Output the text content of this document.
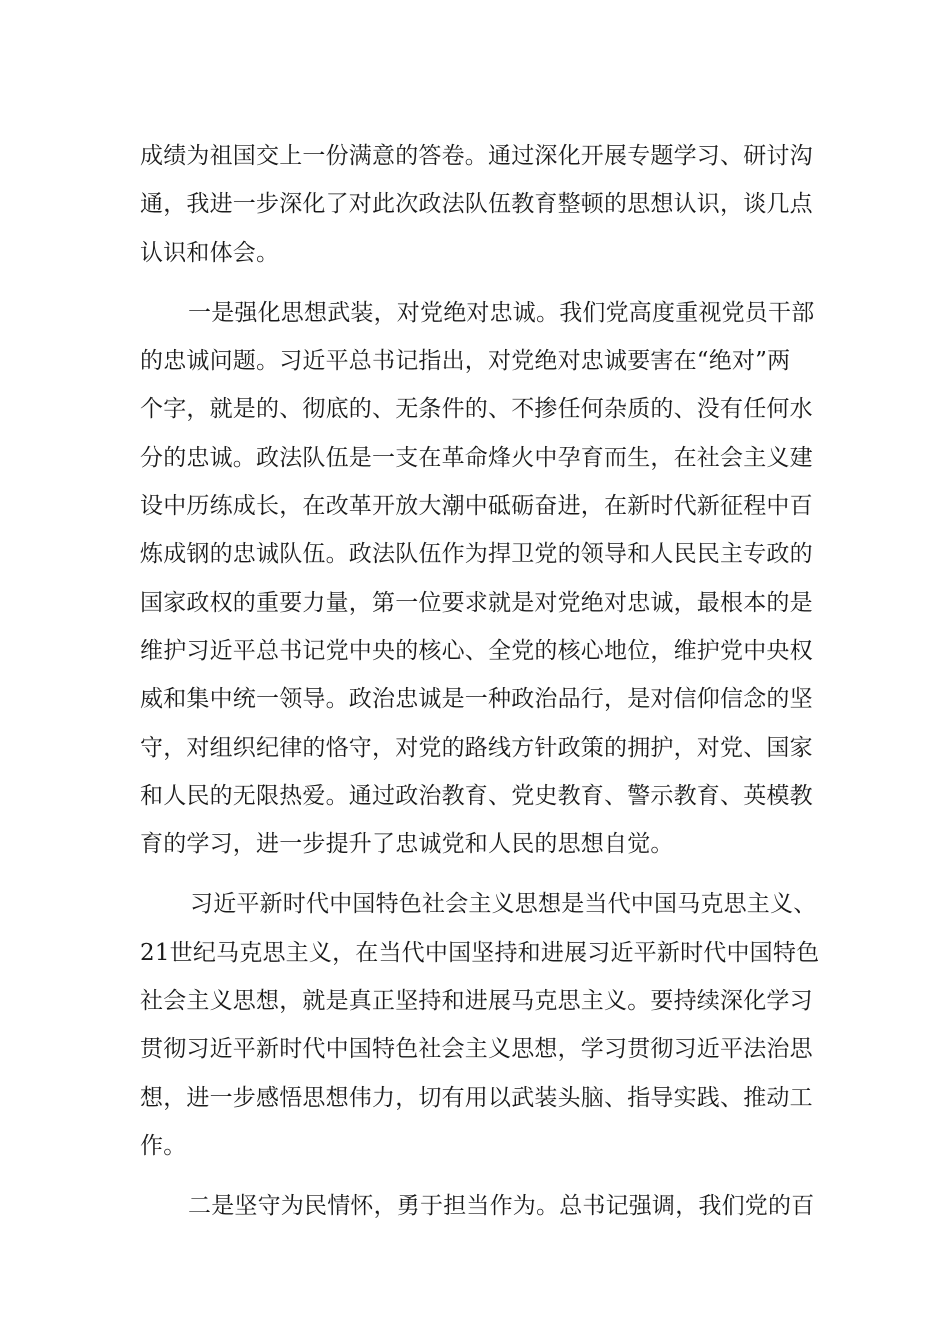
成绩为祖国交上一份满意的答卷。通过深化开展专题学习、研讨沟
通，我进一步深化了对此次政法队伍教育整顿的思想认识，谈几点
认识和体会。

一是强化思想武装，对党绝对忠诚。我们党高度重视党员干部
的忠诚问题。习近平总书记指出，对党绝对忠诚要害在“绝对”两
个字，就是的、彻底的、无条件的、不掺任何杂质的、没有任何水
分的忠诚。政法队伍是一支在革命烽火中孕育而生，在社会主义建
设中历练成长，在改革开放大潮中砥砺奋进，在新时代新征程中百
炼成钢的忠诚队伍。政法队伍作为捍卫党的领导和人民民主专政的
国家政权的重要力量，第一位要求就是对党绝对忠诚，最根本的是
维护习近平总书记党中央的核心、全党的核心地位，维护党中央权
威和集中统一领导。政治忠诚是一种政治品行，是对信仰信念的坚
守，对组织纪律的恪守，对党的路线方针政策的拥护，对党、国家
和人民的无限热爱。通过政治教育、党史教育、警示教育、英模教
育的学习，进一步提升了忠诚党和人民的思想自觉。

习近平新时代中国特色社会主义思想是当代中国马克思主义、
21世纪马克思主义，在当代中国坚持和进展习近平新时代中国特色
社会主义思想，就是真正坚持和进展马克思主义。要持续深化学习
贯彻习近平新时代中国特色社会主义思想，学习贯彻习近平法治思
想，进一步感悟思想伟力，切有用以武装头脑、指导实践、推动工
作。

二是坚守为民情怀，勇于担当作为。总书记强调，我们党的百
